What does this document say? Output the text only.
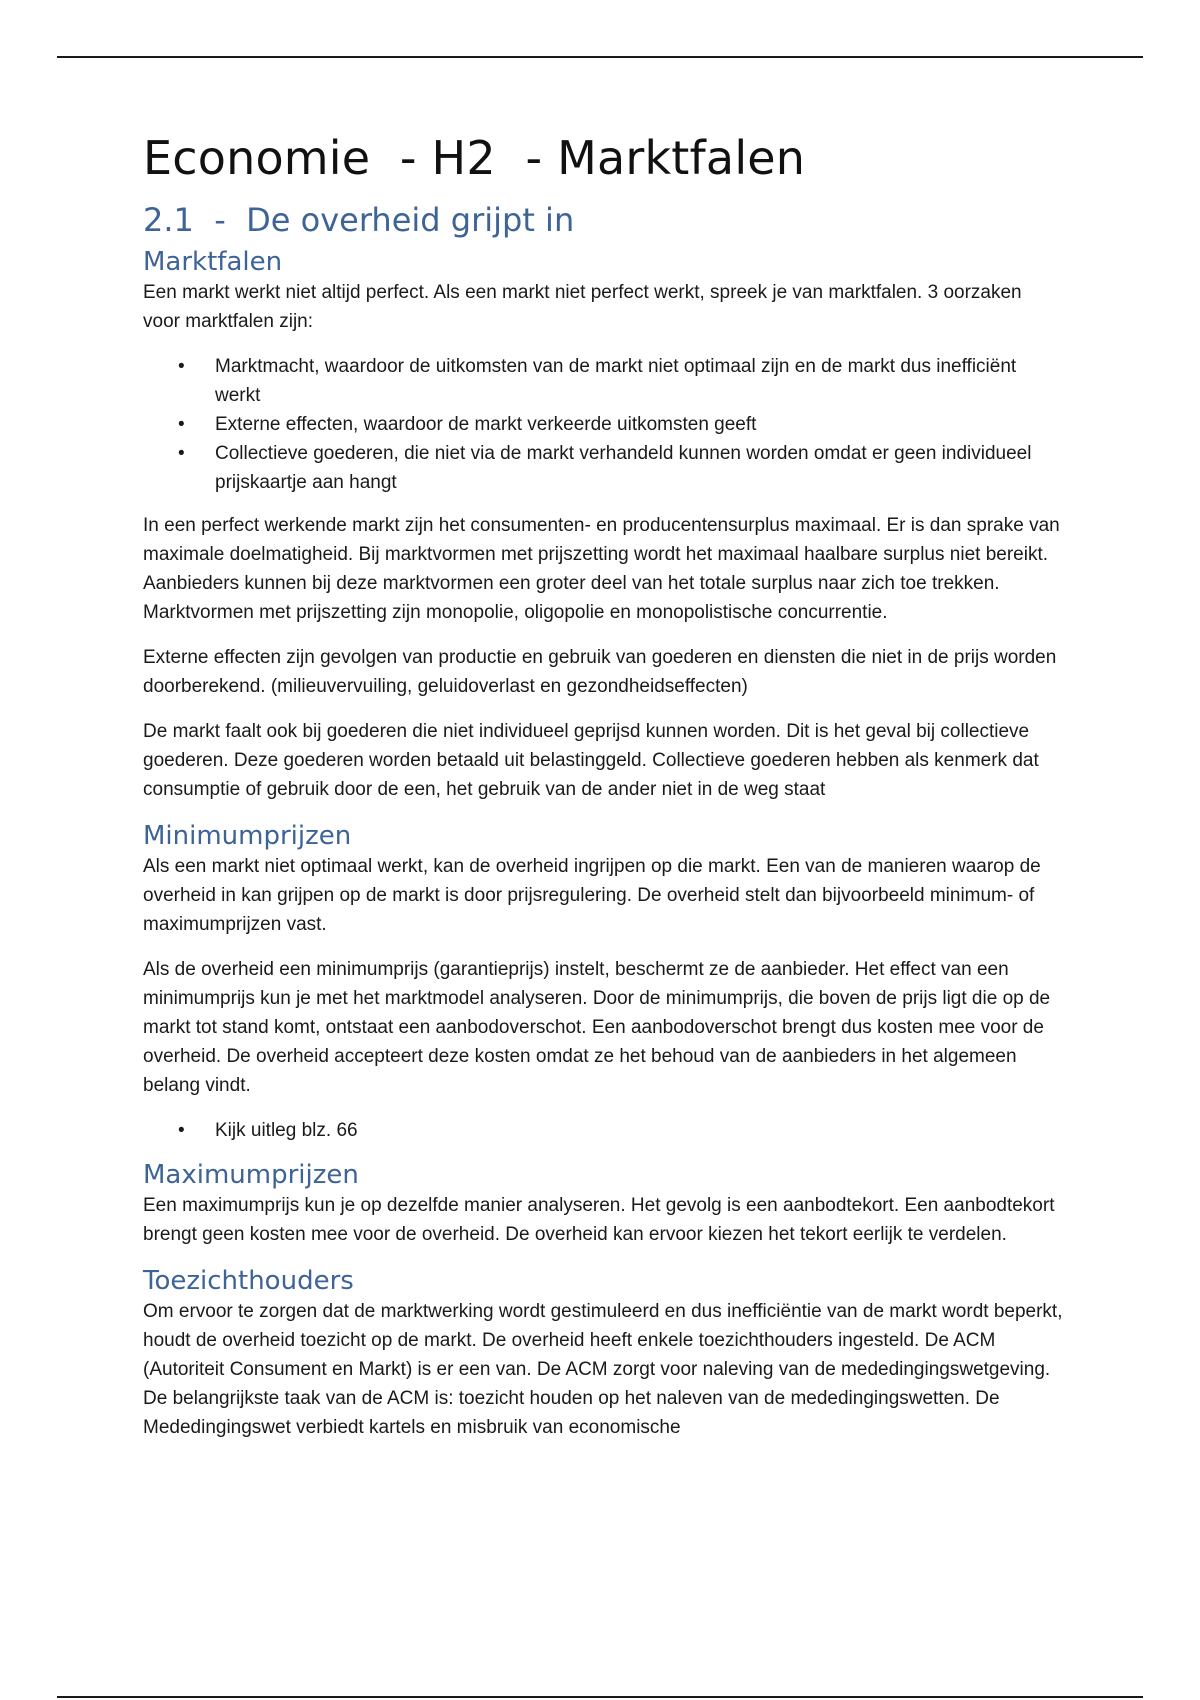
Economie  - H2  - Marktfalen
2.1  -  De overheid grijpt in
Marktfalen

Een markt werkt niet altijd perfect. Als een markt niet perfect werkt, spreek je van marktfalen. 3 oorzaken voor marktfalen zijn:

• Marktmacht, waardoor de uitkomsten van de markt niet optimaal zijn en de markt dus inefficiënt werkt
• Externe effecten, waardoor de markt verkeerde uitkomsten geeft
• Collectieve goederen, die niet via de markt verhandeld kunnen worden omdat er geen individueel prijskaartje aan hangt

In een perfect werkende markt zijn het consumenten- en producentensurplus maximaal. Er is dan sprake van maximale doelmatigheid. Bij marktvormen met prijszetting wordt het maximaal haalbare surplus niet bereikt. Aanbieders kunnen bij deze marktvormen een groter deel van het totale surplus naar zich toe trekken. Marktvormen met prijszetting zijn monopolie, oligopolie en monopolistische concurrentie.

Externe effecten zijn gevolgen van productie en gebruik van goederen en diensten die niet in de prijs worden doorberekend. (milieuvervuiling, geluidoverlast en gezondheidseffecten)

De markt faalt ook bij goederen die niet individueel geprijsd kunnen worden. Dit is het geval bij collectieve goederen. Deze goederen worden betaald uit belastinggeld. Collectieve goederen hebben als kenmerk dat consumptie of gebruik door de een, het gebruik van de ander niet in de weg staat

Minimumprijzen

Als een markt niet optimaal werkt, kan de overheid ingrijpen op die markt. Een van de manieren waarop de overheid in kan grijpen op de markt is door prijsregulering. De overheid stelt dan bijvoorbeeld minimum- of maximumprijzen vast.

Als de overheid een minimumprijs (garantieprijs) instelt, beschermt ze de aanbieder. Het effect van een minimumprijs kun je met het marktmodel analyseren. Door de minimumprijs, die boven de prijs ligt die op de markt tot stand komt, ontstaat een aanbodoverschot. Een aanbodoverschot brengt dus kosten mee voor de overheid. De overheid accepteert deze kosten omdat ze het behoud van de aanbieders in het algemeen belang vindt.

• Kijk uitleg blz. 66
Maximumprijzen

Een maximumprijs kun je op dezelfde manier analyseren. Het gevolg is een aanbodtekort. Een aanbodtekort brengt geen kosten mee voor de overheid. De overheid kan ervoor kiezen het tekort eerlijk te verdelen.

Toezichthouders

Om ervoor te zorgen dat de marktwerking wordt gestimuleerd en dus inefficiëntie van de markt wordt beperkt, houdt de overheid toezicht op de markt. De overheid heeft enkele toezichthouders ingesteld. De ACM (Autoriteit Consument en Markt) is er een van. De ACM zorgt voor naleving van de mededingingswetgeving. De belangrijkste taak van de ACM is: toezicht houden op het naleven van de mededingingswetten. De Mededingingswet verbiedt kartels en misbruik van economische
